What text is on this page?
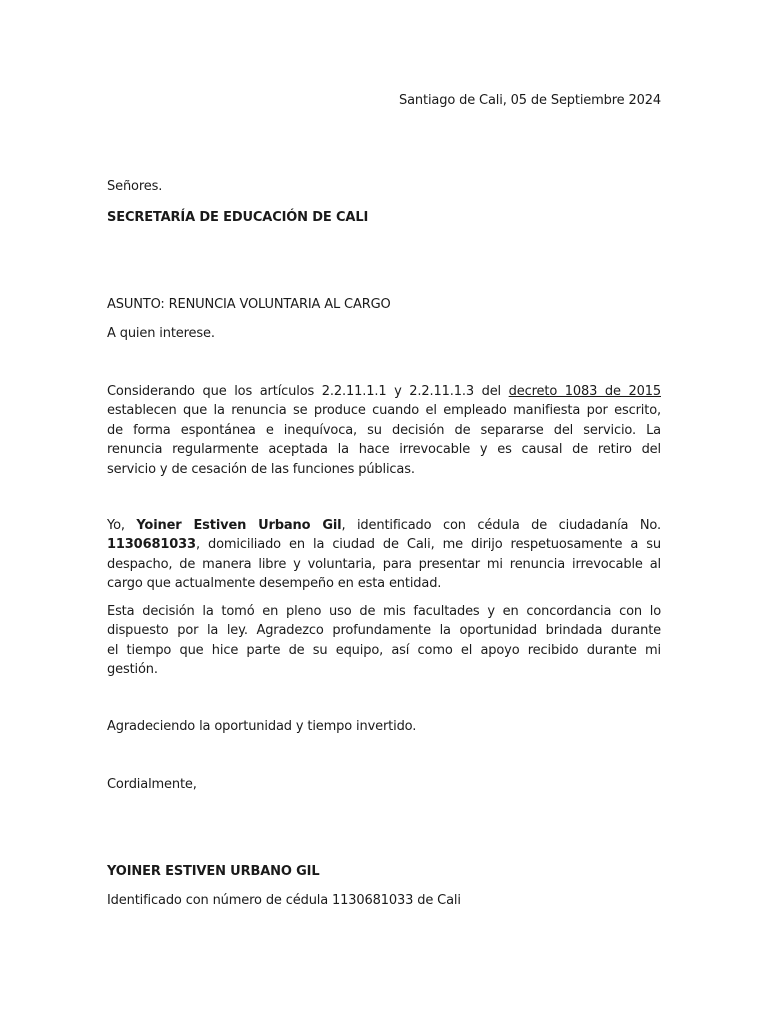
Santiago de Cali, 05 de Septiembre 2024
Señores.
SECRETARÍA DE EDUCACIÓN DE CALI
ASUNTO: RENUNCIA VOLUNTARIA AL CARGO
A quien interese.
Considerando que los artículos 2.2.11.1.1 y 2.2.11.1.3 del decreto 1083 de 2015
establecen que la renuncia se produce cuando el empleado manifiesta por escrito,
de forma espontánea e inequívoca, su decisión de separarse del servicio. La
renuncia regularmente aceptada la hace irrevocable y es causal de retiro del
servicio y de cesación de las funciones públicas.
Yo, Yoiner Estiven Urbano Gil, identificado con cédula de ciudadanía No.
1130681033, domiciliado en la ciudad de Cali, me dirijo respetuosamente a su
despacho, de manera libre y voluntaria, para presentar mi renuncia irrevocable al
cargo que actualmente desempeño en esta entidad.
Esta decisión la tomó en pleno uso de mis facultades y en concordancia con lo
dispuesto por la ley. Agradezco profundamente la oportunidad brindada durante
el tiempo que hice parte de su equipo, así como el apoyo recibido durante mi
gestión.
Agradeciendo la oportunidad y tiempo invertido.
Cordialmente,
YOINER ESTIVEN URBANO GIL
Identificado con número de cédula 1130681033 de Cali
